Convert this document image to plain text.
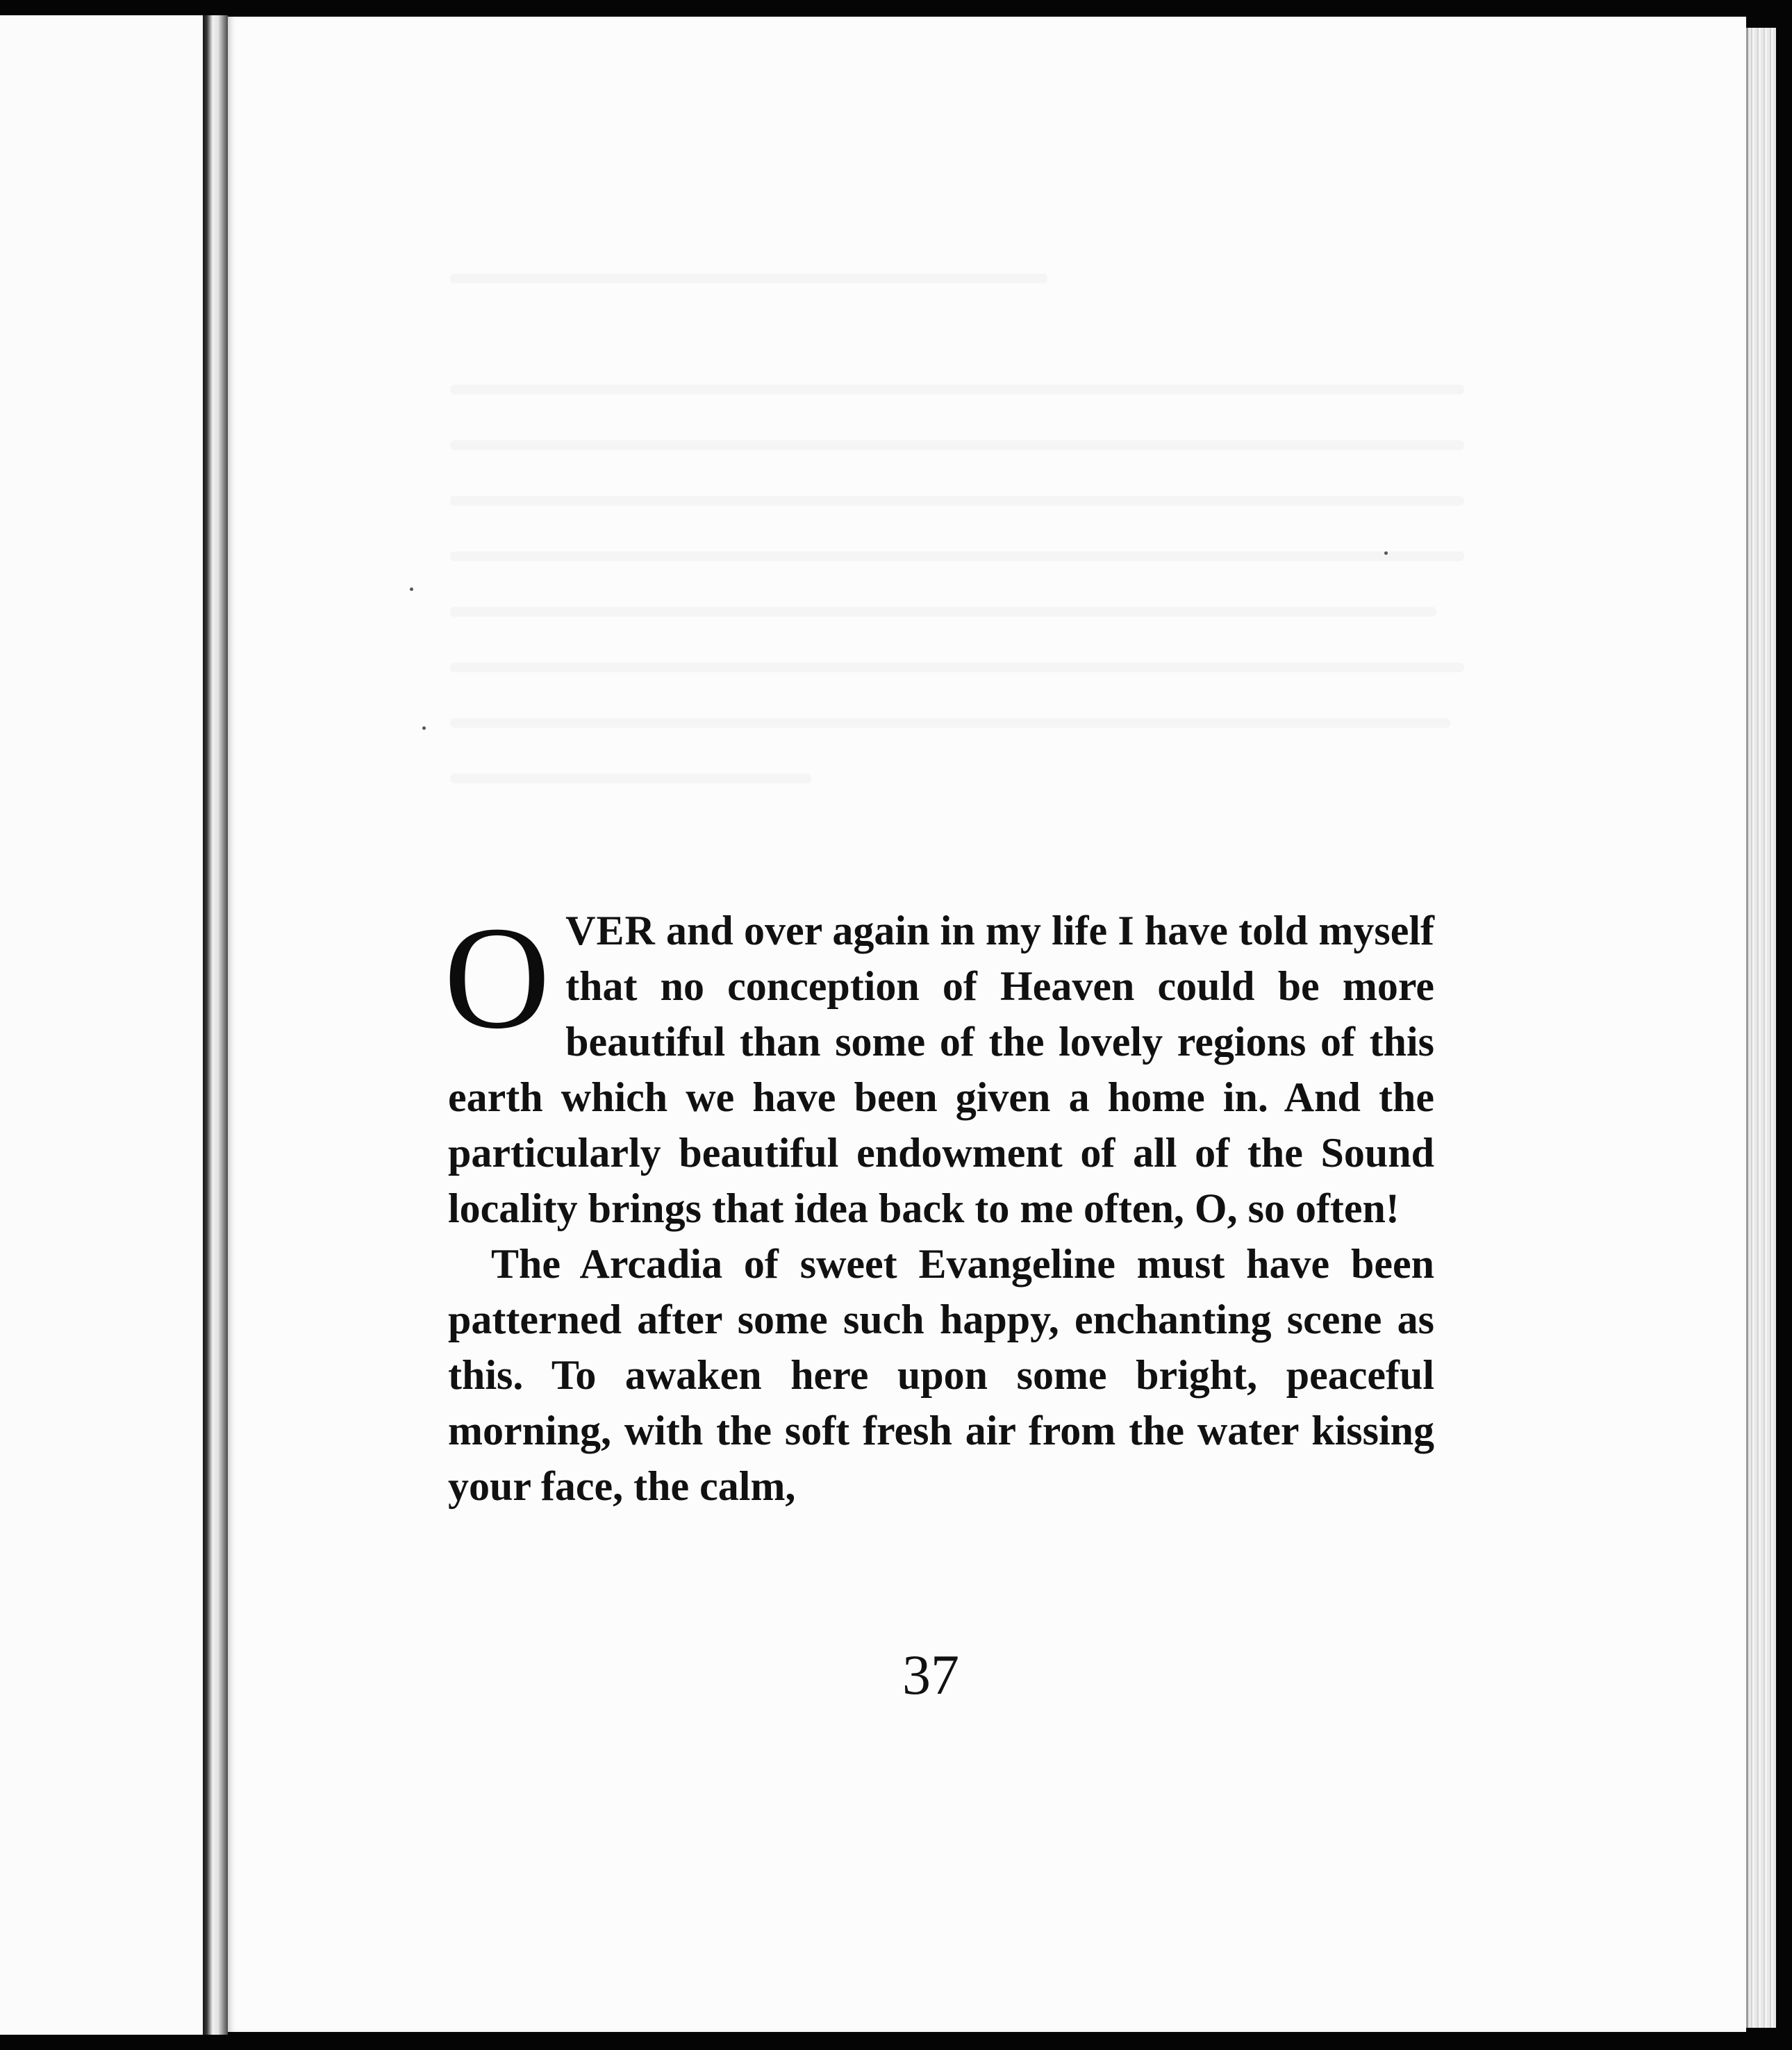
OVER and over again in my life I have told myself that no conception of Heaven could be more beautiful than some of the lovely regions of this earth which we have been given a home in. And the particularly beautiful endowment of all of the Sound locality brings that idea back to me often, O, so often!

The Arcadia of sweet Evangeline must have been patterned after some such happy, enchanting scene as this. To awaken here upon some bright, peaceful morning, with the soft fresh air from the water kissing your face, the calm,

37
